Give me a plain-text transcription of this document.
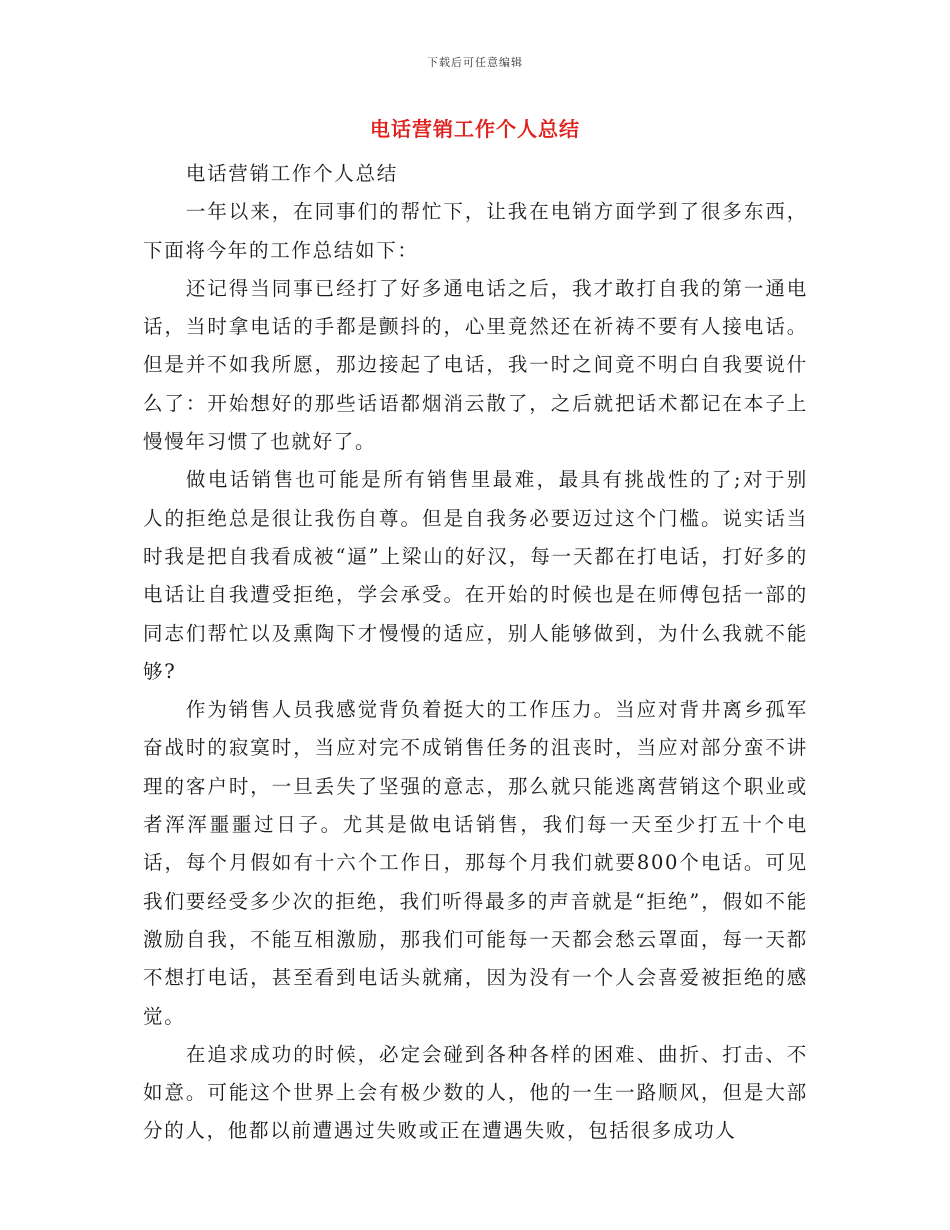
下载后可任意编辑
电话营销工作个人总结

电话营销工作个人总结

一年以来，在同事们的帮忙下，让我在电销方面学到了很多东西，下面将今年的工作总结如下：

还记得当同事已经打了好多通电话之后，我才敢打自我的第一通电话，当时拿电话的手都是颤抖的，心里竟然还在祈祷不要有人接电话。但是并不如我所愿，那边接起了电话，我一时之间竟不明白自我要说什么了：开始想好的那些话语都烟消云散了，之后就把话术都记在本子上慢慢年习惯了也就好了。

做电话销售也可能是所有销售里最难，最具有挑战性的了;对于别人的拒绝总是很让我伤自尊。但是自我务必要迈过这个门槛。说实话当时我是把自我看成被“逼”上梁山的好汉，每一天都在打电话，打好多的电话让自我遭受拒绝，学会承受。在开始的时候也是在师傅包括一部的同志们帮忙以及熏陶下才慢慢的适应，别人能够做到，为什么我就不能够?

作为销售人员我感觉背负着挺大的工作压力。当应对背井离乡孤军奋战时的寂寞时，当应对完不成销售任务的沮丧时，当应对部分蛮不讲理的客户时，一旦丢失了坚强的意志，那么就只能逃离营销这个职业或者浑浑噩噩过日子。尤其是做电话销售，我们每一天至少打五十个电话，每个月假如有十六个工作日，那每个月我们就要800个电话。可见我们要经受多少次的拒绝，我们听得最多的声音就是“拒绝”，假如不能激励自我，不能互相激励，那我们可能每一天都会愁云罩面，每一天都不想打电话，甚至看到电话头就痛，因为没有一个人会喜爱被拒绝的感觉。

在追求成功的时候，必定会碰到各种各样的困难、曲折、打击、不如意。可能这个世界上会有极少数的人，他的一生一路顺风，但是大部分的人，他都以前遭遇过失败或正在遭遇失败，包括很多成功人
